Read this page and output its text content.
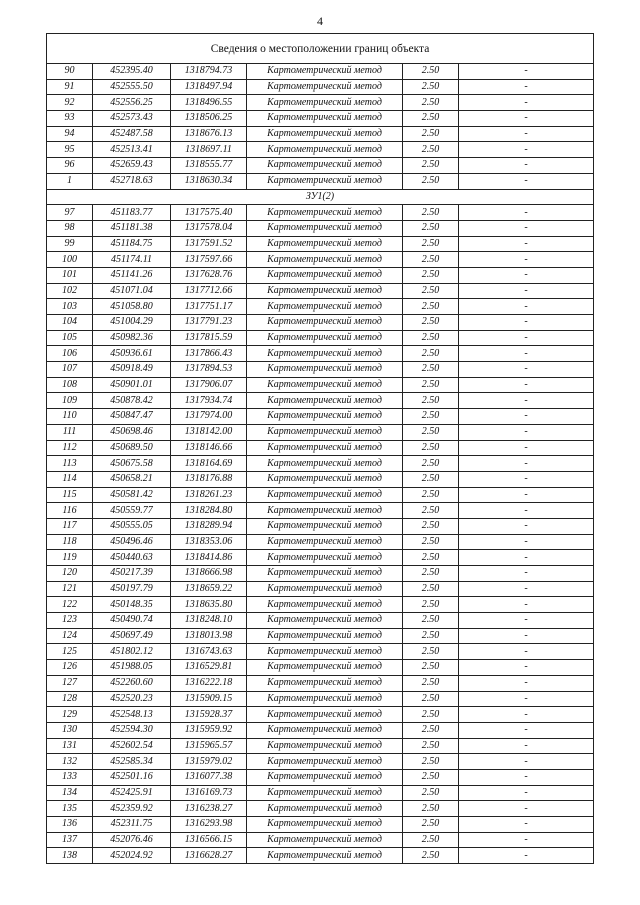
4
Сведения о местоположении границ объекта					
90	452395.40	1318794.73	Картометрический метод	2.50	-
91	452555.50	1318497.94	Картометрический метод	2.50	-
92	452556.25	1318496.55	Картометрический метод	2.50	-
93	452573.43	1318506.25	Картометрический метод	2.50	-
94	452487.58	1318676.13	Картометрический метод	2.50	-
95	452513.41	1318697.11	Картометрический метод	2.50	-
96	452659.43	1318555.77	Картометрический метод	2.50	-
1	452718.63	1318630.34	Картометрический метод	2.50	-
ЗУ1(2)					
97	451183.77	1317575.40	Картометрический метод	2.50	-
98	451181.38	1317578.04	Картометрический метод	2.50	-
99	451184.75	1317591.52	Картометрический метод	2.50	-
100	451174.11	1317597.66	Картометрический метод	2.50	-
101	451141.26	1317628.76	Картометрический метод	2.50	-
102	451071.04	1317712.66	Картометрический метод	2.50	-
103	451058.80	1317751.17	Картометрический метод	2.50	-
104	451004.29	1317791.23	Картометрический метод	2.50	-
105	450982.36	1317815.59	Картометрический метод	2.50	-
106	450936.61	1317866.43	Картометрический метод	2.50	-
107	450918.49	1317894.53	Картометрический метод	2.50	-
108	450901.01	1317906.07	Картометрический метод	2.50	-
109	450878.42	1317934.74	Картометрический метод	2.50	-
110	450847.47	1317974.00	Картометрический метод	2.50	-
111	450698.46	1318142.00	Картометрический метод	2.50	-
112	450689.50	1318146.66	Картометрический метод	2.50	-
113	450675.58	1318164.69	Картометрический метод	2.50	-
114	450658.21	1318176.88	Картометрический метод	2.50	-
115	450581.42	1318261.23	Картометрический метод	2.50	-
116	450559.77	1318284.80	Картометрический метод	2.50	-
117	450555.05	1318289.94	Картометрический метод	2.50	-
118	450496.46	1318353.06	Картометрический метод	2.50	-
119	450440.63	1318414.86	Картометрический метод	2.50	-
120	450217.39	1318666.98	Картометрический метод	2.50	-
121	450197.79	1318659.22	Картометрический метод	2.50	-
122	450148.35	1318635.80	Картометрический метод	2.50	-
123	450490.74	1318248.10	Картометрический метод	2.50	-
124	450697.49	1318013.98	Картометрический метод	2.50	-
125	451802.12	1316743.63	Картометрический метод	2.50	-
126	451988.05	1316529.81	Картометрический метод	2.50	-
127	452260.60	1316222.18	Картометрический метод	2.50	-
128	452520.23	1315909.15	Картометрический метод	2.50	-
129	452548.13	1315928.37	Картометрический метод	2.50	-
130	452594.30	1315959.92	Картометрический метод	2.50	-
131	452602.54	1315965.57	Картометрический метод	2.50	-
132	452585.34	1315979.02	Картометрический метод	2.50	-
133	452501.16	1316077.38	Картометрический метод	2.50	-
134	452425.91	1316169.73	Картометрический метод	2.50	-
135	452359.92	1316238.27	Картометрический метод	2.50	-
136	452311.75	1316293.98	Картометрический метод	2.50	-
137	452076.46	1316566.15	Картометрический метод	2.50	-
138	452024.92	1316628.27	Картометрический метод	2.50	-
